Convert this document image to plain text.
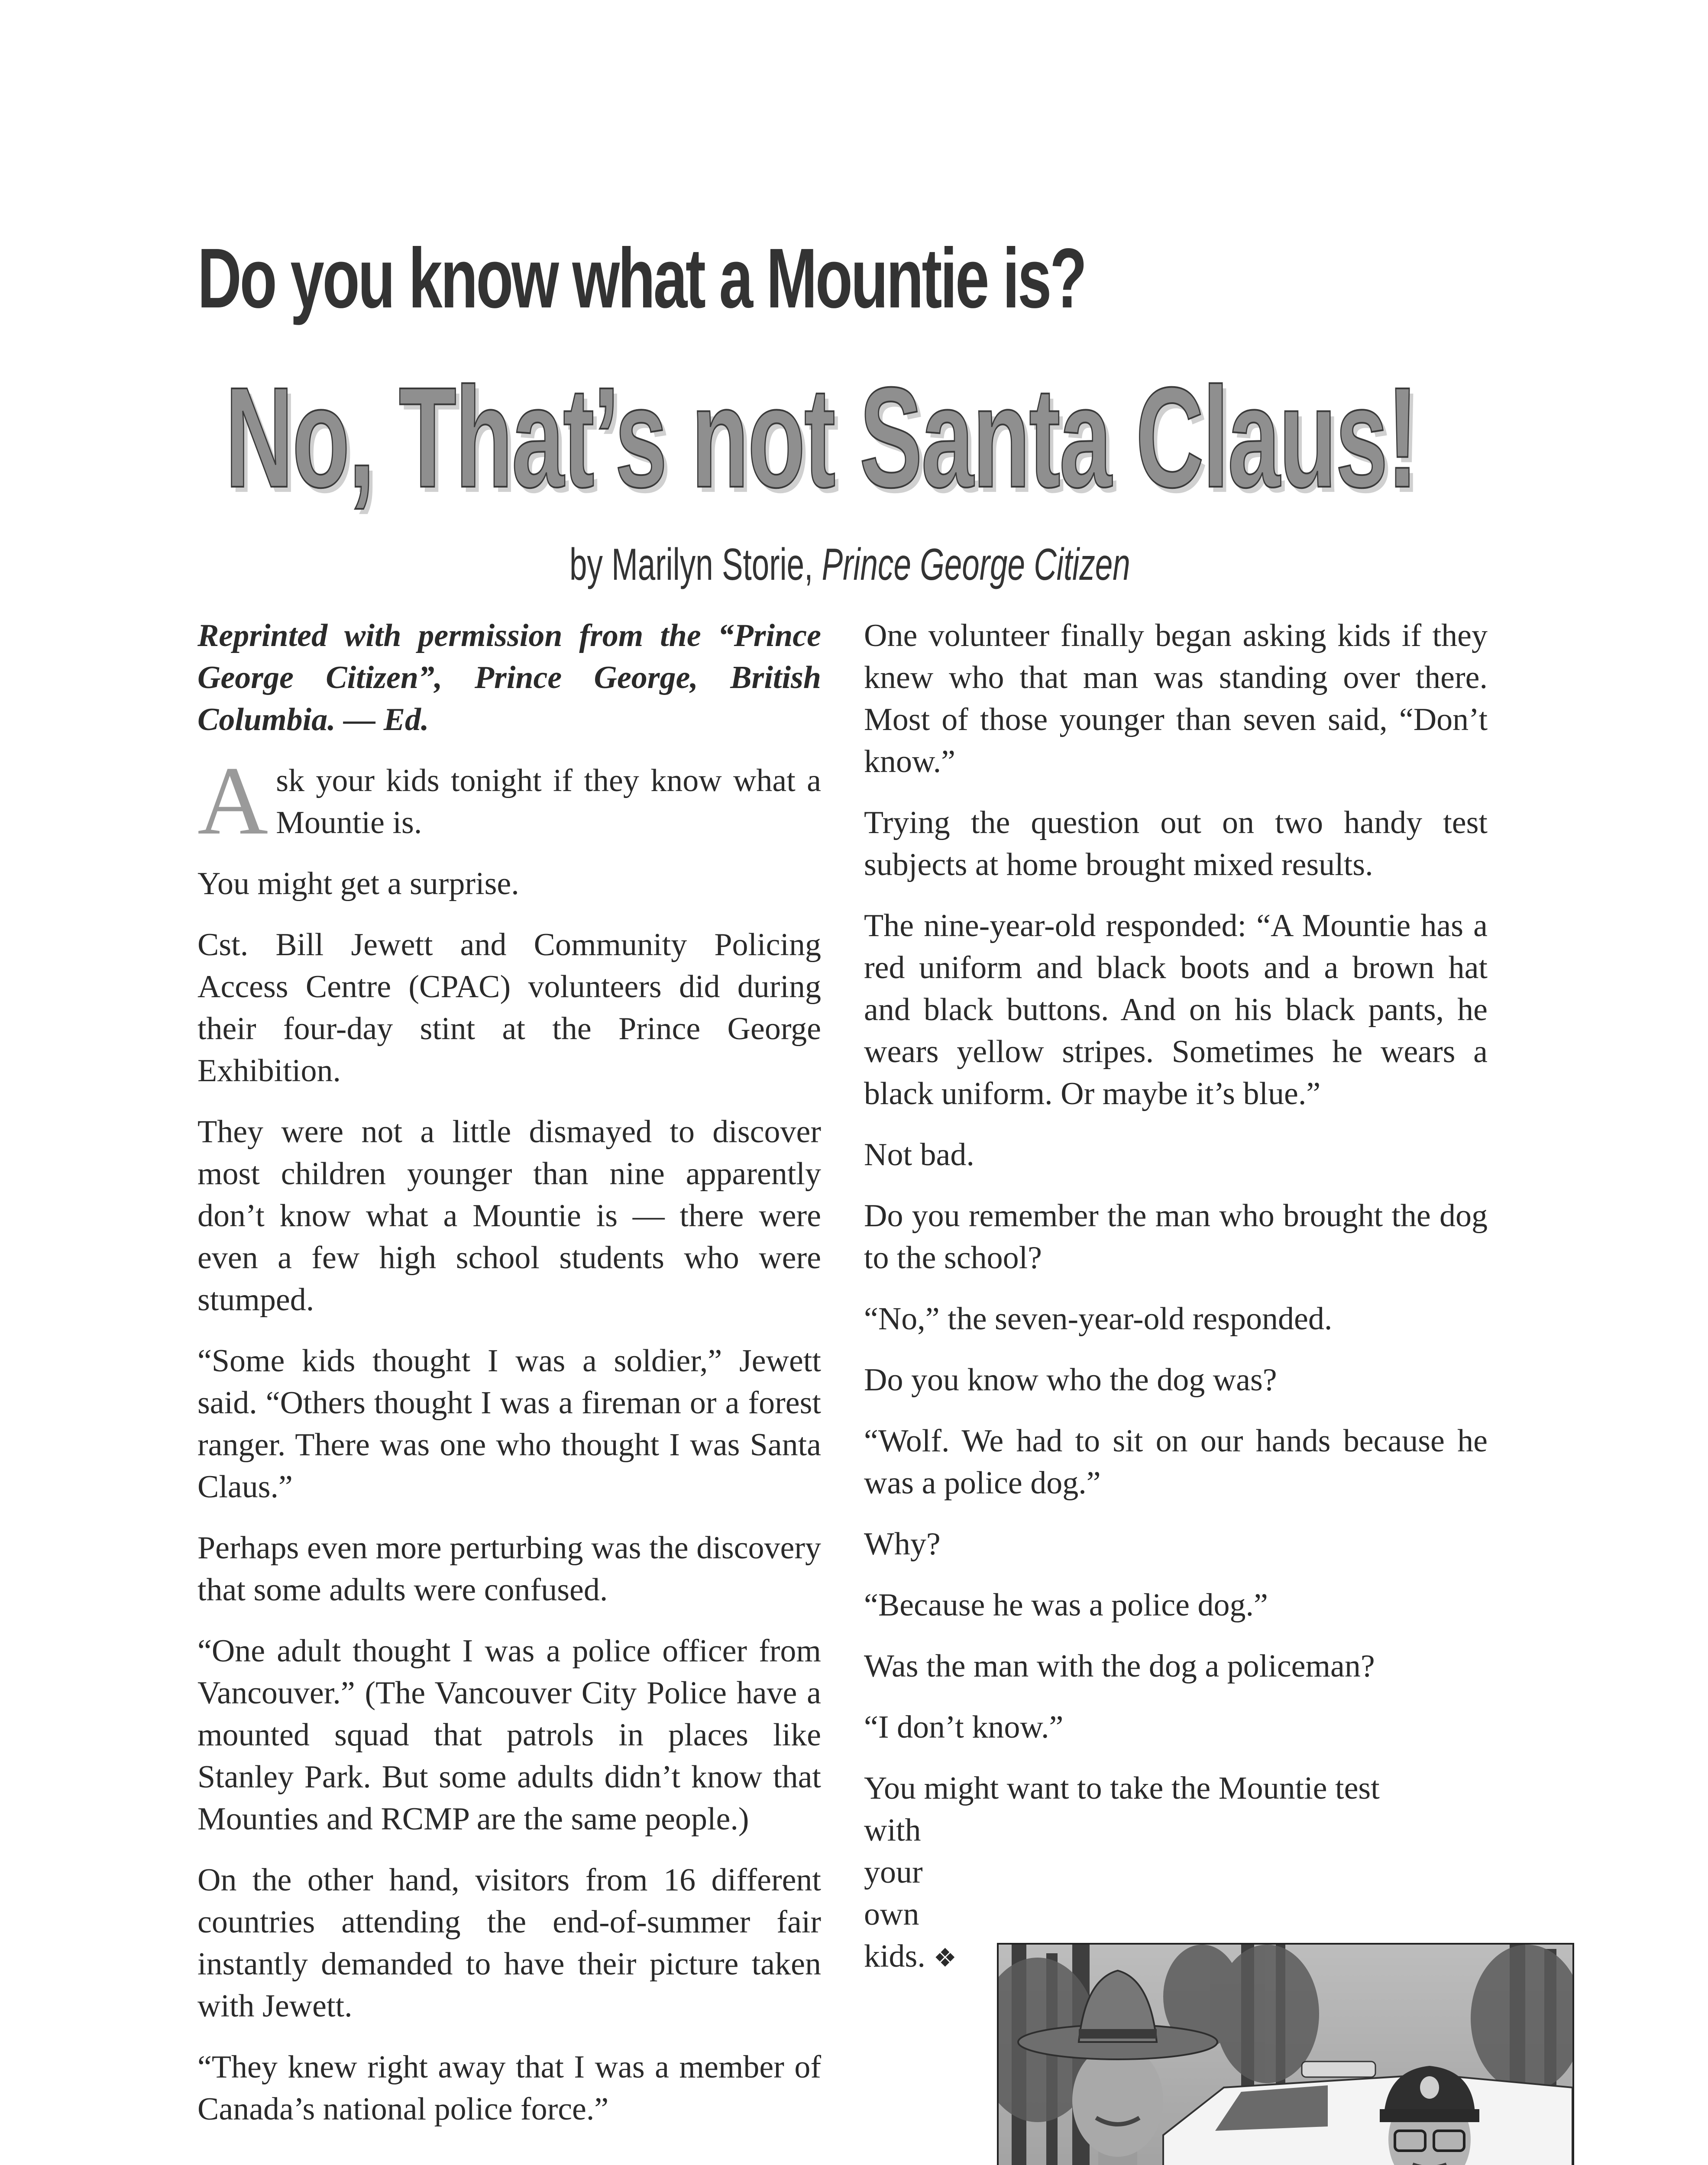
Do you know what a Mountie is?
No, That’s not Santa Claus!
by Marilyn Storie, Prince George Citizen

Reprinted with permission from the “Prince George Citizen”, Prince George, British Columbia. — Ed.

Ask your kids tonight if they know what a Mountie is.

You might get a surprise.

Cst. Bill Jewett and Community Policing Access Centre (CPAC) volunteers did during their four-day stint at the Prince George Exhibition.

They were not a little dismayed to discover most children younger than nine apparently don’t know what a Mountie is — there were even a few high school students who were stumped.

“Some kids thought I was a soldier,” Jewett said. “Others thought I was a fireman or a forest ranger. There was one who thought I was Santa Claus.”

Perhaps even more perturbing was the discovery that some adults were confused.

“One adult thought I was a police officer from Vancouver.” (The Vancouver City Police have a mounted squad that patrols in places like Stanley Park. But some adults didn’t know that Mounties and RCMP are the same people.)

On the other hand, visitors from 16 different countries attending the end-of-summer fair instantly demanded to have their picture taken with Jewett.

“They knew right away that I was a member of Canada’s national police force.”

One volunteer finally began asking kids if they knew who that man was standing over there. Most of those younger than seven said, “Don’t know.”

Trying the question out on two handy test subjects at home brought mixed results.

The nine-year-old responded: “A Mountie has a red uniform and black boots and a brown hat and black buttons. And on his black pants, he wears yellow stripes. Sometimes he wears a black uniform. Or maybe it’s blue.”

Not bad.

Do you remember the man who brought the dog to the school?

“No,” the seven-year-old responded.

Do you know who the dog was?

“Wolf. We had to sit on our hands because he was a police dog.”

Why?

“Because he was a police dog.”

Was the man with the dog a policeman?

“I don’t know.”

You might want to take the Mountie test
with
your
own
kids. ❖
